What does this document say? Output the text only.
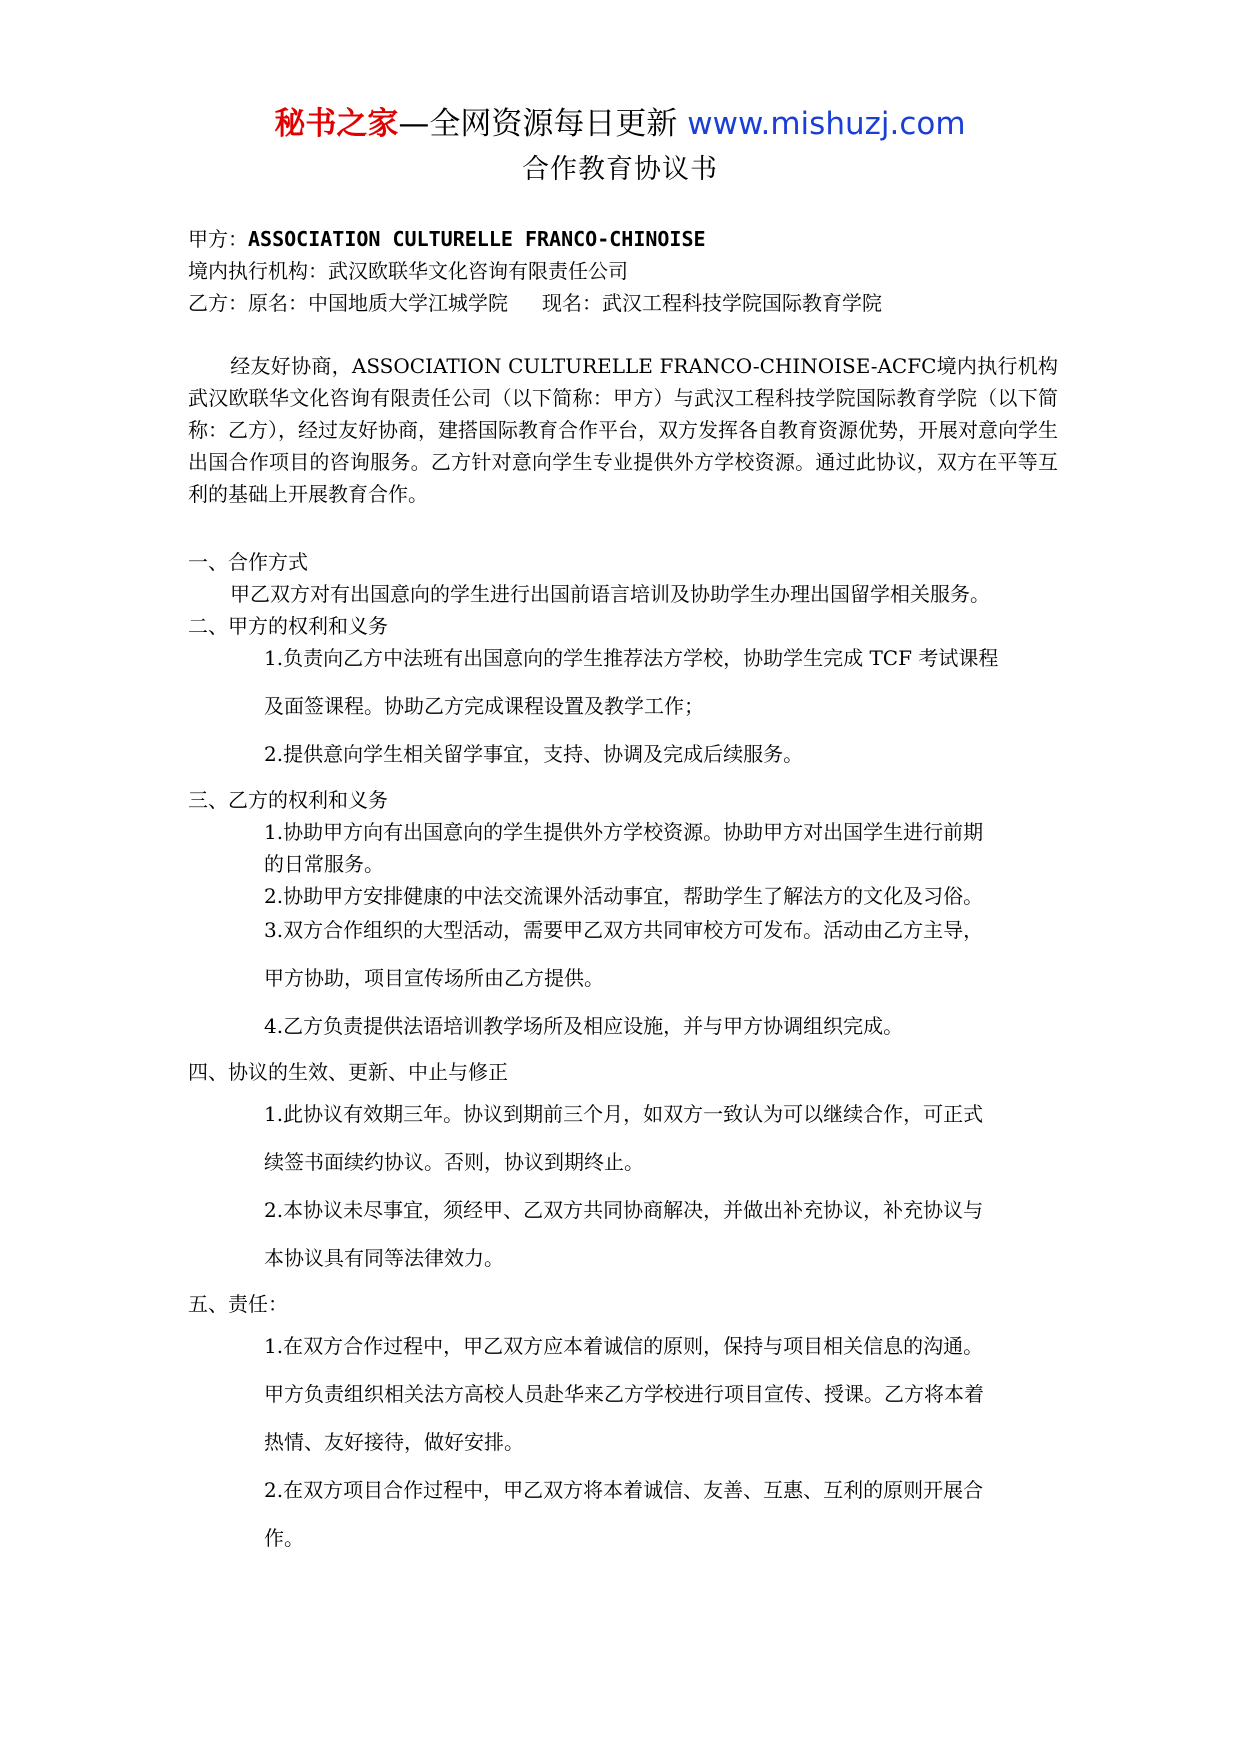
秘书之家—全网资源每日更新 www.mishuzj.com
合作教育协议书
甲方：ASSOCIATION CULTURELLE FRANCO-CHINOISE
境内执行机构：武汉欧联华文化咨询有限责任公司
乙方：原名：中国地质大学江城学院 现名：武汉工程科技学院国际教育学院
经友好协商，ASSOCIATION CULTURELLE FRANCO-CHINOISE-ACFC境内执行机构武汉欧联华文化咨询有限责任公司（以下简称：甲方）与武汉工程科技学院国际教育学院（以下简称：乙方），经过友好协商，建搭国际教育合作平台，双方发挥各自教育资源优势，开展对意向学生出国合作项目的咨询服务。乙方针对意向学生专业提供外方学校资源。通过此协议，双方在平等互利的基础上开展教育合作。
一、合作方式
甲乙双方对有出国意向的学生进行出国前语言培训及协助学生办理出国留学相关服务。
二、甲方的权利和义务
1.负责向乙方中法班有出国意向的学生推荐法方学校，协助学生完成 TCF 考试课程
及面签课程。协助乙方完成课程设置及教学工作；
2.提供意向学生相关留学事宜，支持、协调及完成后续服务。
三、乙方的权利和义务
1.协助甲方向有出国意向的学生提供外方学校资源。协助甲方对出国学生进行前期
的日常服务。
2.协助甲方安排健康的中法交流课外活动事宜，帮助学生了解法方的文化及习俗。
3.双方合作组织的大型活动，需要甲乙双方共同审校方可发布。活动由乙方主导，
甲方协助，项目宣传场所由乙方提供。
4.乙方负责提供法语培训教学场所及相应设施，并与甲方协调组织完成。
四、协议的生效、更新、中止与修正
1.此协议有效期三年。协议到期前三个月，如双方一致认为可以继续合作，可正式
续签书面续约协议。否则，协议到期终止。
2.本协议未尽事宜，须经甲、乙双方共同协商解决，并做出补充协议，补充协议与
本协议具有同等法律效力。
五、责任：
1.在双方合作过程中，甲乙双方应本着诚信的原则，保持与项目相关信息的沟通。
甲方负责组织相关法方高校人员赴华来乙方学校进行项目宣传、授课。乙方将本着
热情、友好接待，做好安排。
2.在双方项目合作过程中，甲乙双方将本着诚信、友善、互惠、互利的原则开展合
作。
